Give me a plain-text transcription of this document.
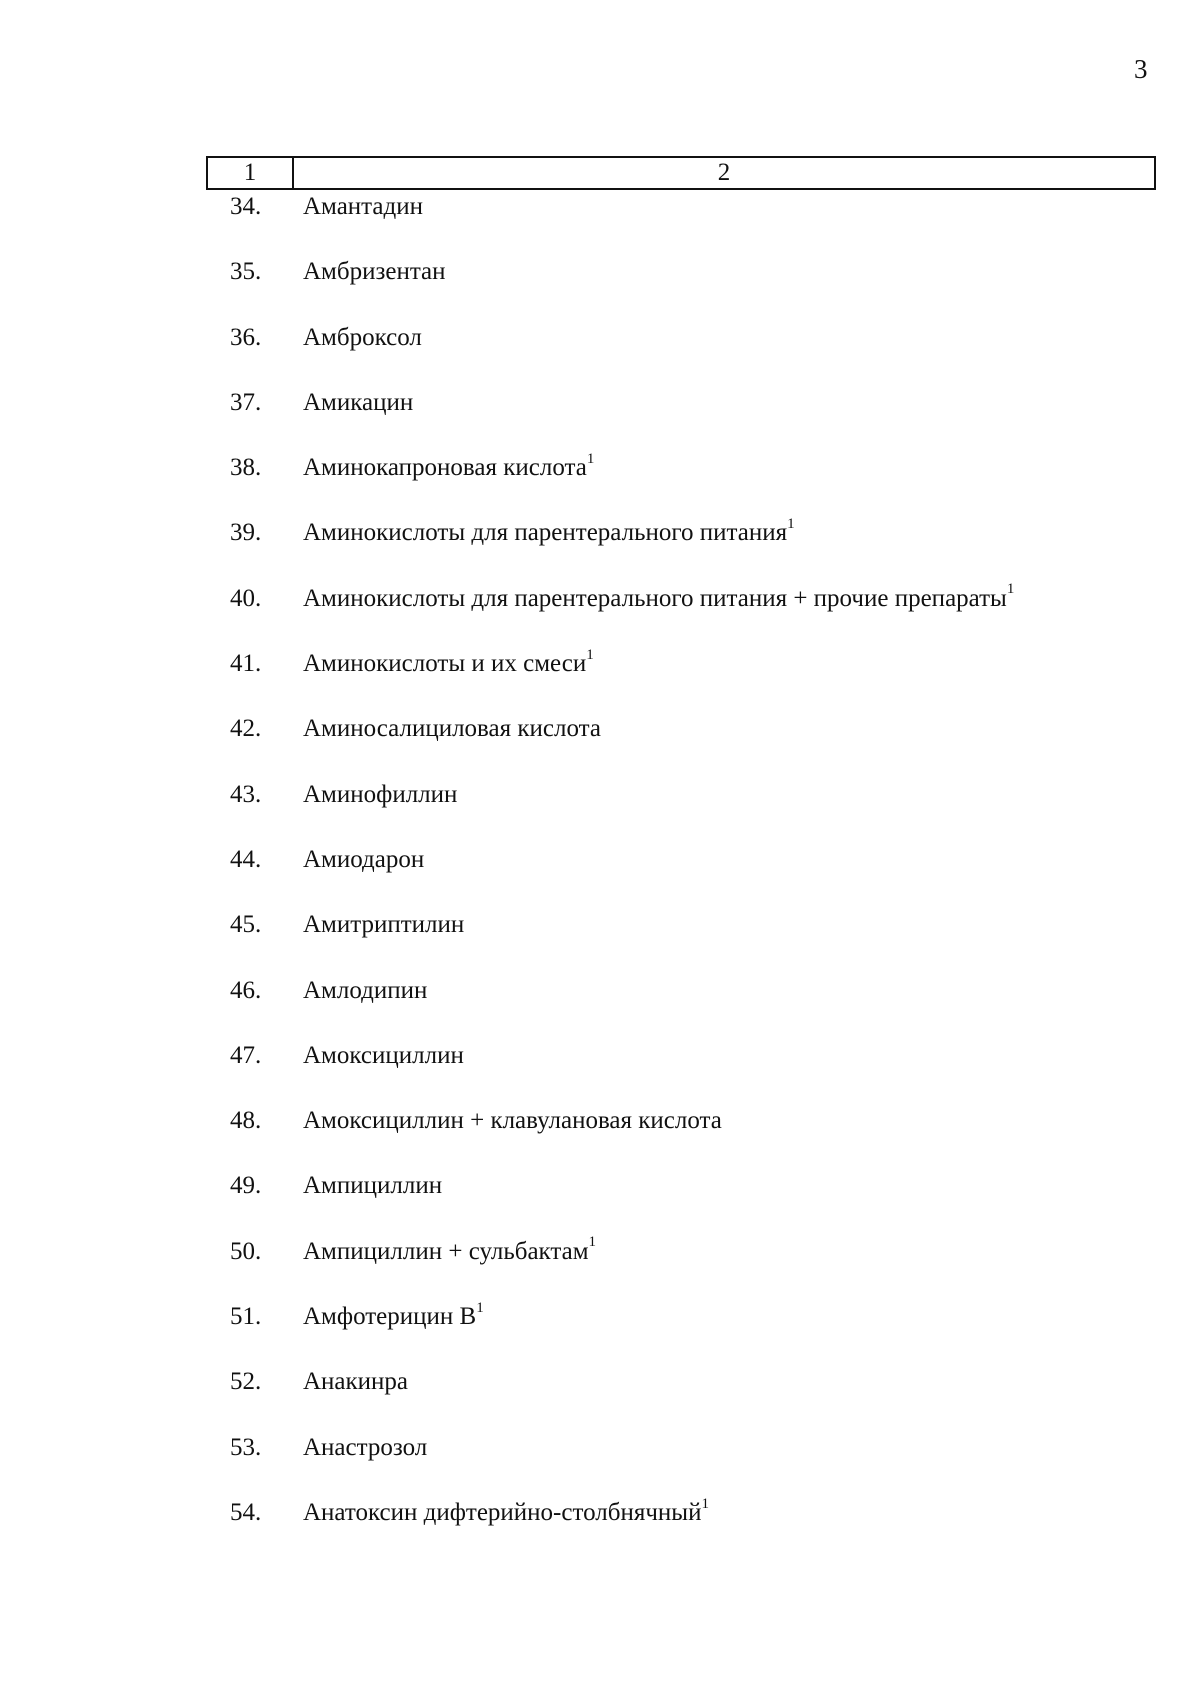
3
1	2
34.	Амантадин
35.	Амбризентан
36.	Амброксол
37.	Амикацин
38.	Аминокапроновая кислота$^1$
39.	Аминокислоты для парентерального питания$^1$
40.	Аминокислоты для парентерального питания + прочие препараты$^1$
41.	Аминокислоты и их смеси$^1$
42.	Аминосалициловая кислота
43.	Аминофиллин
44.	Амиодарон
45.	Амитриптилин
46.	Амлодипин
47.	Амоксициллин
48.	Амоксициллин + клавулановая кислота
49.	Ампициллин
50.	Ампициллин + сульбактам$^1$
51.	Амфотерицин $В^1$
52.	Анакинра
53.	Анастрозол
54.	Анатоксин дифтерийно-столбнячный$^1$
